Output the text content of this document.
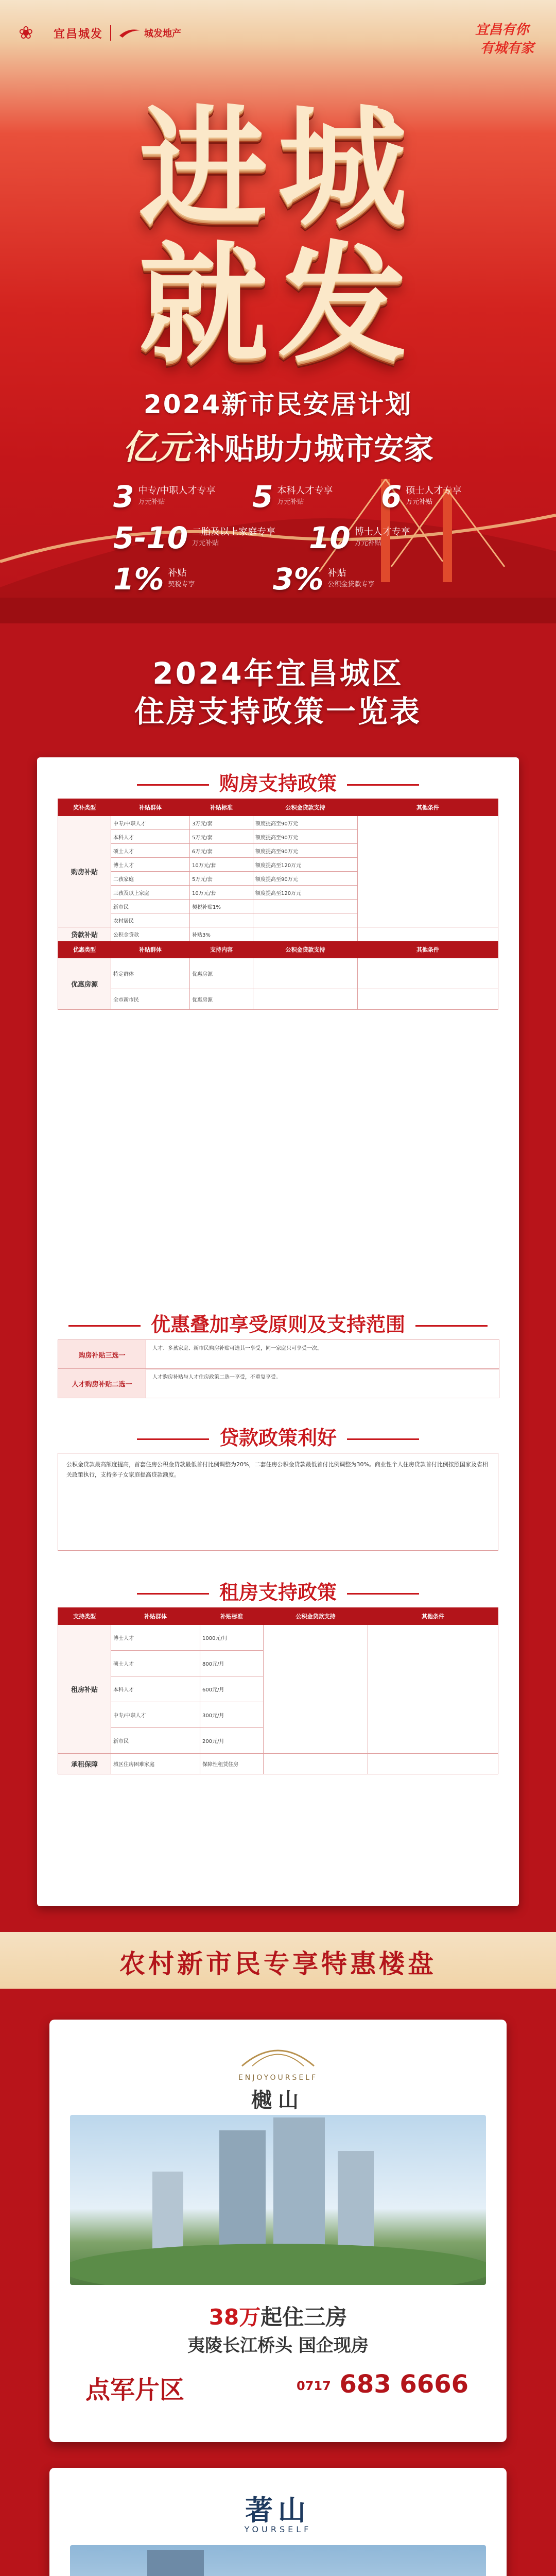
❀	宜昌城发	城发地产	宜昌有你
有城有家
进城
就发
2024新市民安居计划
亿元 补贴助力城市安家
3 中专/中职人才专享
万元补贴	5 本科人才专享
万元补贴	6 硕士人才专享
万元补贴
5-10 二胎及以上家庭专享
万元补贴	10 博士人才专享
万元补贴
1% 补贴
契税专享	3% 补贴
公积金贷款专享
2024年宜昌城区
住房支持政策一览表
购房支持政策
奖补类型	补贴群体	补贴标准	公积金贷款支持	其他条件
购房补贴	中专/中职人才	3万元/套	额度提高至90万元	
	本科人才	5万元/套	额度提高至90万元	
	硕士人才	6万元/套	额度提高至90万元	
	博士人才	10万元/套	额度提高至120万元	
	二孩家庭	5万元/套	额度提高至90万元	
	三孩及以上家庭	10万元/套	额度提高至120万元	
	新市民	契税补贴1%		
	农村居民			
贷款补贴	公积金贷款	补贴3%		
优惠类型	补贴群体	支持内容	公积金贷款支持	其他条件
优惠房源	特定群体	优惠房源		
	全市新市民	优惠房源		
优惠叠加享受原则及支持范围
购房补贴三选一
人才、多孩家庭、新市民购房补贴可选其一享受，同一家庭只可享受一次。
人才购房补贴二选一
人才购房补贴与人才住房政策二选一享受，不重复享受。
贷款政策利好
公积金贷款最高额度提高，首套住房公积金贷款最低首付比例调整为20%，二套住房公积金贷款最低首付比例调整为30%。商业性个人住房贷款首付比例按照国家及省相关政策执行，支持多子女家庭提高贷款额度。
租房支持政策
支持类型	补贴群体	补贴标准	公积金贷款支持	其他条件
租房补贴	博士人才	1000元/月		
	硕士人才	800元/月		
	本科人才	600元/月		
	中专/中职人才	300元/月		
	新市民	200元/月		
承租保障	城区住房困难家庭	保障性租赁住房		
农村新市民专享特惠楼盘
ENJOYOURSELF
樾山
38万起住三房
夷陵长江桥头 国企现房
点军片区	0717 683 6666
著山
YOURSELF
